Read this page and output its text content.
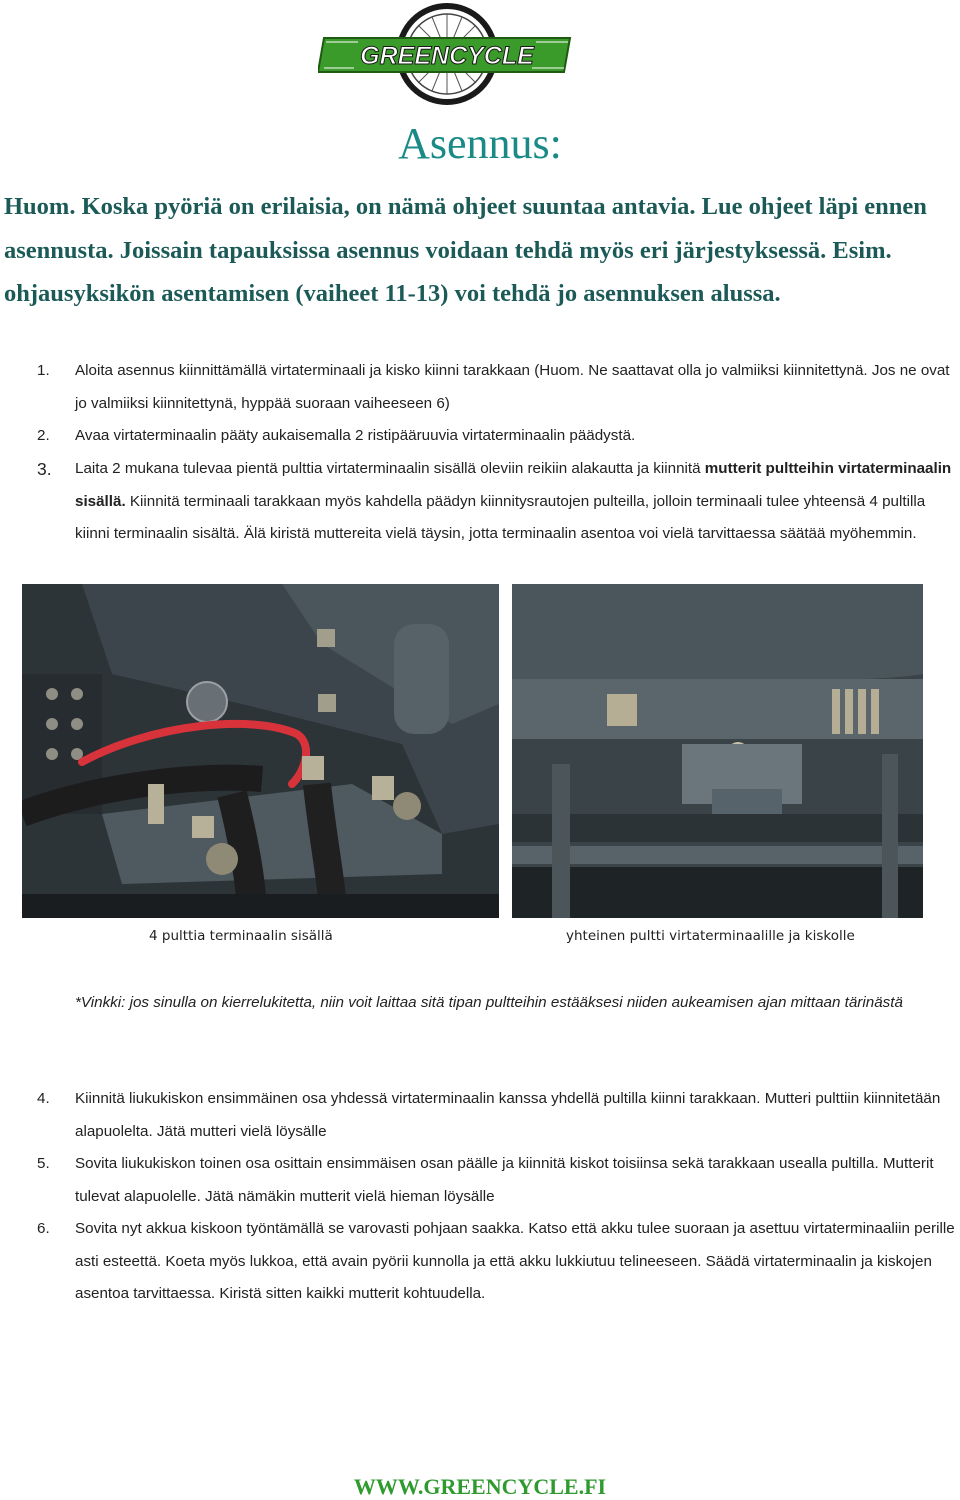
GREENCYCLE
Asennus:
Huom. Koska pyöriä on erilaisia, on nämä ohjeet suuntaa antavia. Lue ohjeet läpi ennen asennusta. Joissain tapauksissa asennus voidaan tehdä myös eri järjestyksessä. Esim. ohjausyksikön asentamisen (vaiheet 11-13) voi tehdä jo asennuksen alussa.
1. Aloita asennus kiinnittämällä virtaterminaali ja kisko kiinni tarakkaan (Huom. Ne saattavat olla jo valmiiksi kiinnitettynä. Jos ne ovat jo valmiiksi kiinnitettynä, hyppää suoraan vaiheeseen 6)
2. Avaa virtaterminaalin pääty aukaisemalla 2 ristipääruuvia virtaterminaalin päädystä.
3. Laita 2 mukana tulevaa pientä pulttia virtaterminaalin sisällä oleviin reikiin alakautta ja kiinnitä mutterit pultteihin virtaterminaalin sisällä. Kiinnitä terminaali tarakkaan myös kahdella päädyn kiinnitysrautojen pulteilla, jolloin terminaali tulee yhteensä 4 pultilla kiinni terminaalin sisältä. Älä kiristä muttereita vielä täysin, jotta terminaalin asentoa voi vielä tarvittaessa säätää myöhemmin.
4 pulttia terminaalin sisällä	yhteinen pultti virtaterminaalille ja kiskolle
*Vinkki: jos sinulla on kierrelukitetta, niin voit laittaa sitä tipan pultteihin estääksesi niiden aukeamisen ajan mittaan tärinästä
4. Kiinnitä liukukiskon ensimmäinen osa yhdessä virtaterminaalin kanssa yhdellä pultilla kiinni tarakkaan. Mutteri pulttiin kiinnitetään alapuolelta. Jätä mutteri vielä löysälle
5. Sovita liukukiskon toinen osa osittain ensimmäisen osan päälle ja kiinnitä kiskot toisiinsa sekä tarakkaan usealla pultilla. Mutterit tulevat alapuolelle. Jätä nämäkin mutterit vielä hieman löysälle
6. Sovita nyt akkua kiskoon työntämällä se varovasti pohjaan saakka. Katso että akku tulee suoraan ja asettuu virtaterminaaliin perille asti esteettä. Koeta myös lukkoa, että avain pyörii kunnolla ja että akku lukkiutuu telineeseen. Säädä virtaterminaalin ja kiskojen asentoa tarvittaessa. Kiristä sitten kaikki mutterit kohtuudella.
WWW.GREENCYCLE.FI
